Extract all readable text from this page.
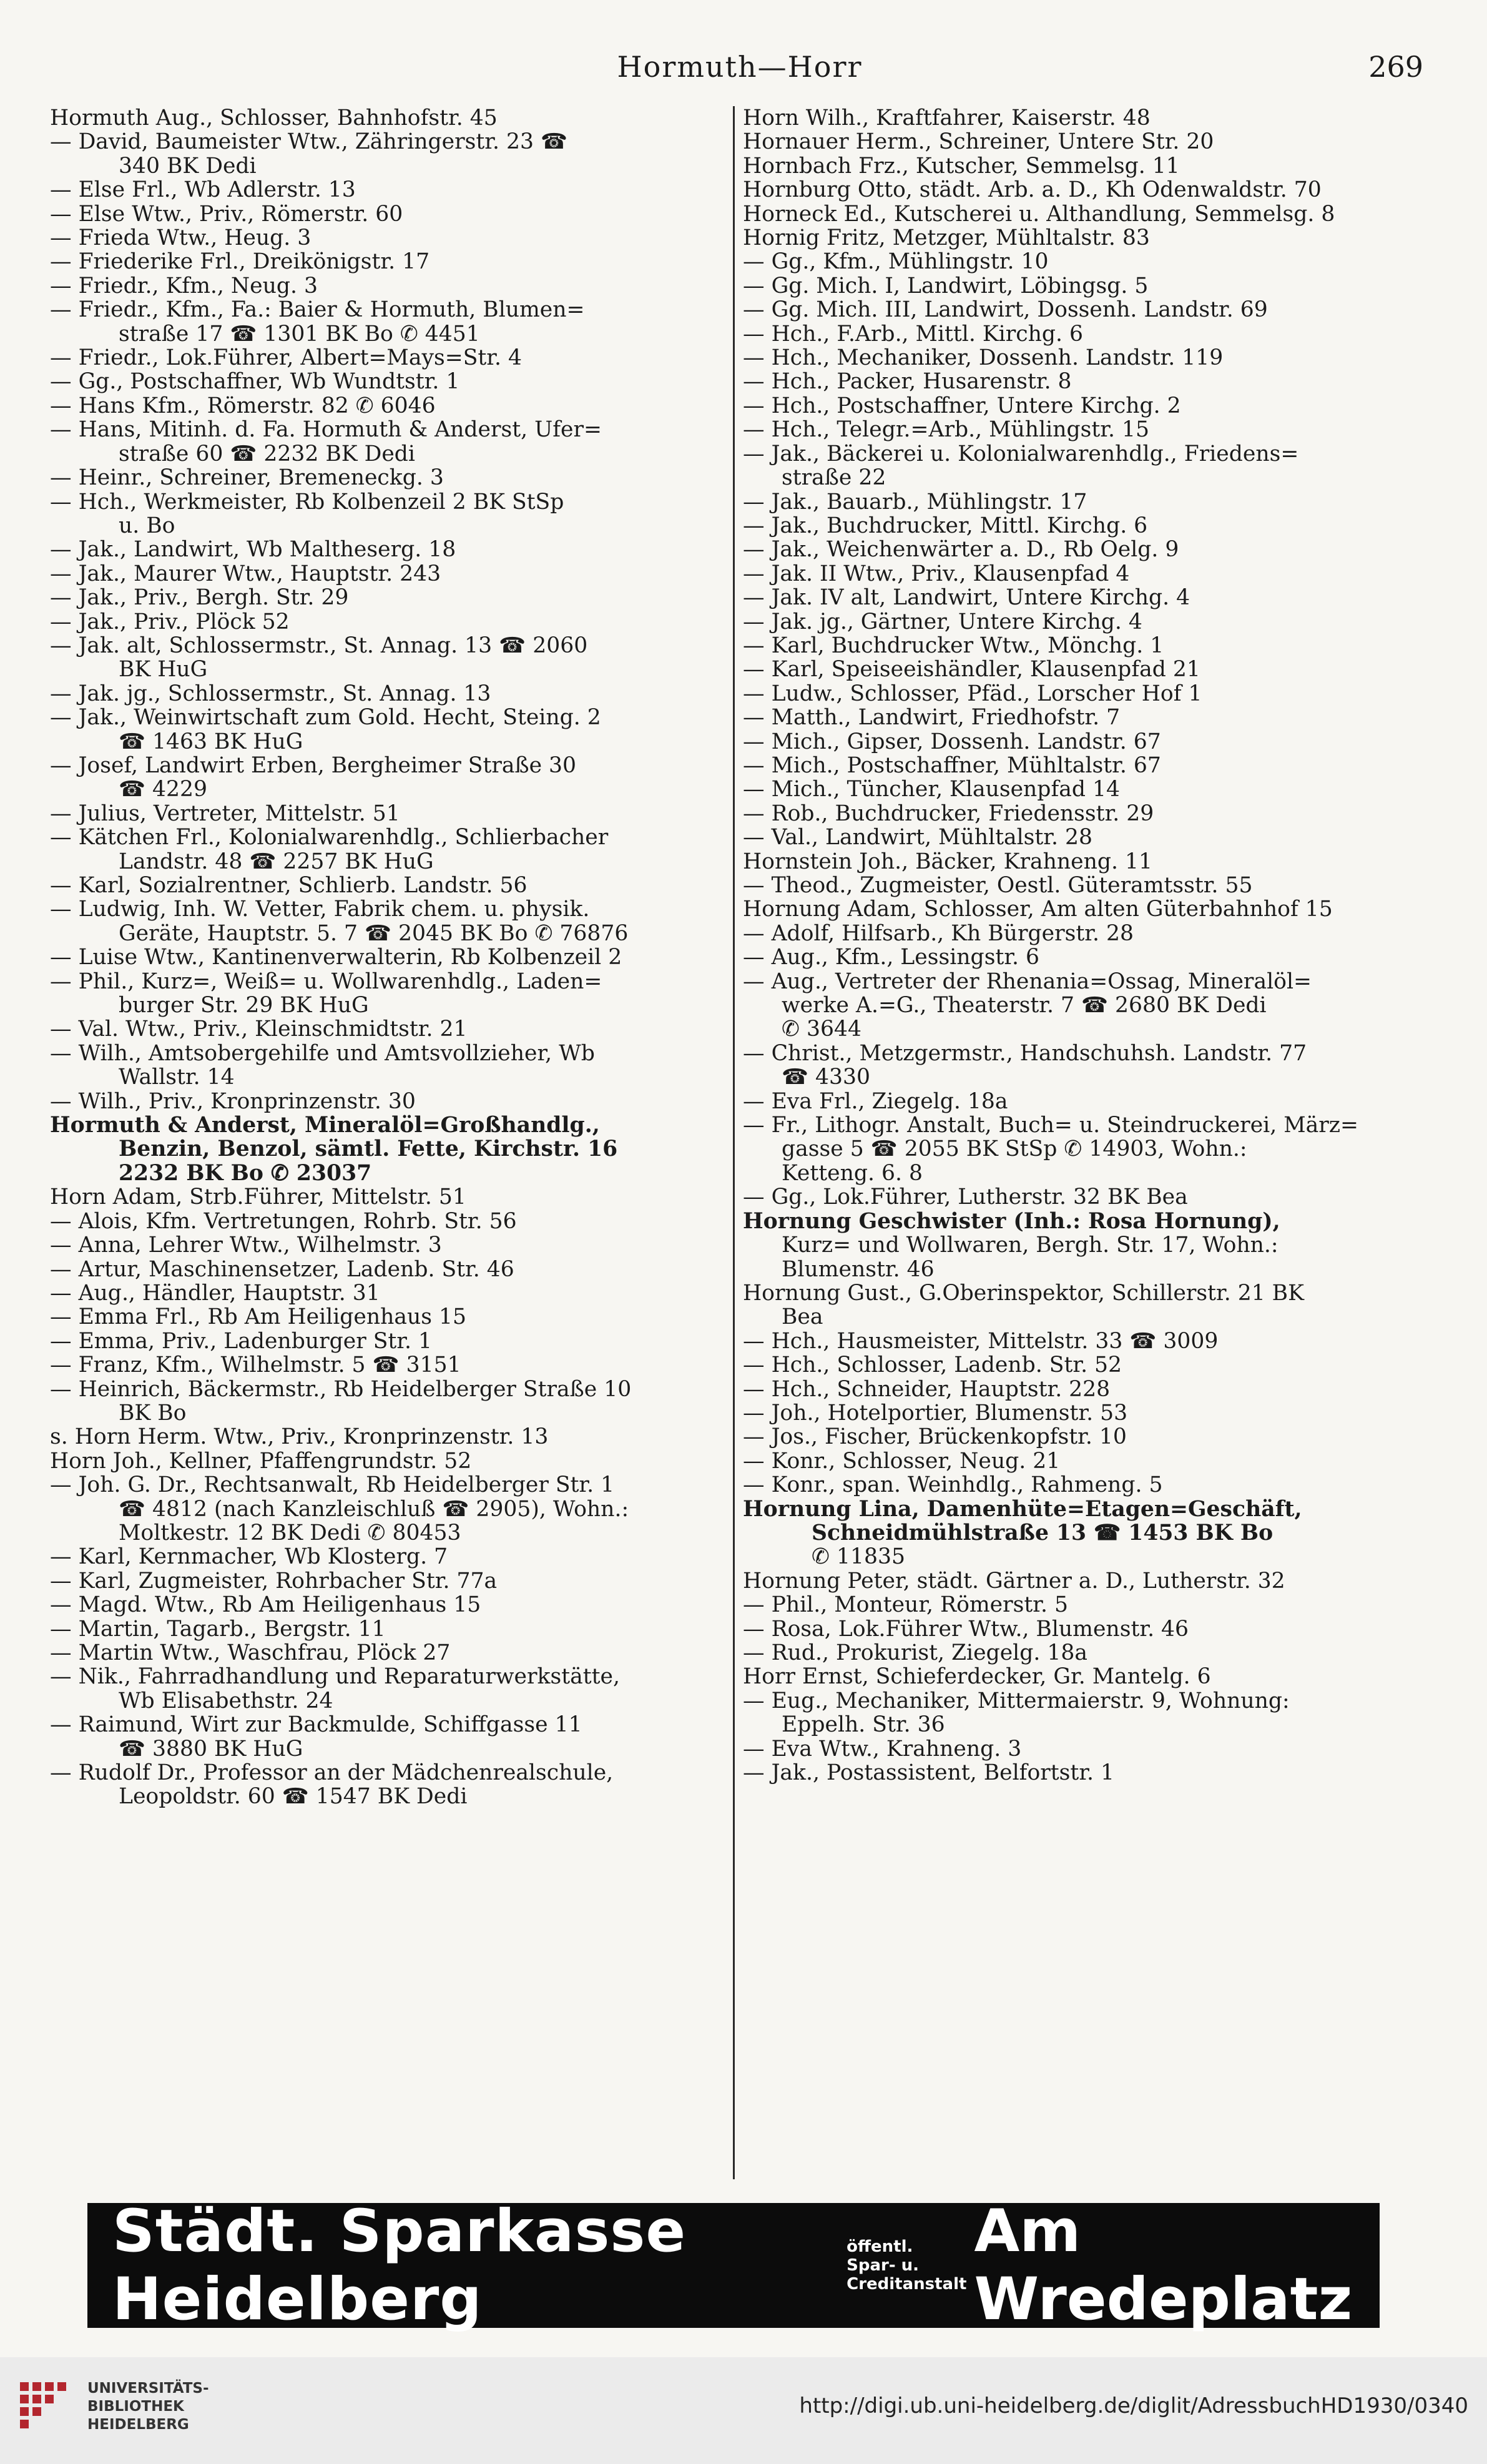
Hormuth—Horr	269
Hormuth Aug., Schlosser, Bahnhofstr. 45
— David, Baumeister Wtw., Zähringerstr. 23 ☎
340 BK Dedi
— Else Frl., Wb Adlerstr. 13
— Else Wtw., Priv., Römerstr. 60
— Frieda Wtw., Heug. 3
— Friederike Frl., Dreikönigstr. 17
— Friedr., Kfm., Neug. 3
— Friedr., Kfm., Fa.: Baier & Hormuth, Blumen=
straße 17 ☎ 1301 BK Bo ✆ 4451
— Friedr., Lok.Führer, Albert=Mays=Str. 4
— Gg., Postschaffner, Wb Wundtstr. 1
— Hans Kfm., Römerstr. 82 ✆ 6046
— Hans, Mitinh. d. Fa. Hormuth & Anderst, Ufer=
straße 60 ☎ 2232 BK Dedi
— Heinr., Schreiner, Bremeneckg. 3
— Hch., Werkmeister, Rb Kolbenzeil 2 BK StSp
u. Bo
— Jak., Landwirt, Wb Maltheserg. 18
— Jak., Maurer Wtw., Hauptstr. 243
— Jak., Priv., Bergh. Str. 29
— Jak., Priv., Plöck 52
— Jak. alt, Schlossermstr., St. Annag. 13 ☎ 2060
BK HuG
— Jak. jg., Schlossermstr., St. Annag. 13
— Jak., Weinwirtschaft zum Gold. Hecht, Steing. 2
☎ 1463 BK HuG
— Josef, Landwirt Erben, Bergheimer Straße 30
☎ 4229
— Julius, Vertreter, Mittelstr. 51
— Kätchen Frl., Kolonialwarenhdlg., Schlierbacher
Landstr. 48 ☎ 2257 BK HuG
— Karl, Sozialrentner, Schlierb. Landstr. 56
— Ludwig, Inh. W. Vetter, Fabrik chem. u. physik.
Geräte, Hauptstr. 5. 7 ☎ 2045 BK Bo ✆ 76876
— Luise Wtw., Kantinenverwalterin, Rb Kolbenzeil 2
— Phil., Kurz=, Weiß= u. Wollwarenhdlg., Laden=
burger Str. 29 BK HuG
— Val. Wtw., Priv., Kleinschmidtstr. 21
— Wilh., Amtsobergehilfe und Amtsvollzieher, Wb
Wallstr. 14
— Wilh., Priv., Kronprinzenstr. 30
Hormuth & Anderst, Mineralöl=Großhandlg.,
Benzin, Benzol, sämtl. Fette, Kirchstr. 16
2232 BK Bo ✆ 23037
Horn Adam, Strb.Führer, Mittelstr. 51
— Alois, Kfm. Vertretungen, Rohrb. Str. 56
— Anna, Lehrer Wtw., Wilhelmstr. 3
— Artur, Maschinensetzer, Ladenb. Str. 46
— Aug., Händler, Hauptstr. 31
— Emma Frl., Rb Am Heiligenhaus 15
— Emma, Priv., Ladenburger Str. 1
— Franz, Kfm., Wilhelmstr. 5 ☎ 3151
— Heinrich, Bäckermstr., Rb Heidelberger Straße 10
BK Bo
s. Horn Herm. Wtw., Priv., Kronprinzenstr. 13
Horn Joh., Kellner, Pfaffengrundstr. 52
— Joh. G. Dr., Rechtsanwalt, Rb Heidelberger Str. 1
☎ 4812 (nach Kanzleischluß ☎ 2905), Wohn.:
Moltkestr. 12 BK Dedi ✆ 80453
— Karl, Kernmacher, Wb Klosterg. 7
— Karl, Zugmeister, Rohrbacher Str. 77a
— Magd. Wtw., Rb Am Heiligenhaus 15
— Martin, Tagarb., Bergstr. 11
— Martin Wtw., Waschfrau, Plöck 27
— Nik., Fahrradhandlung und Reparaturwerkstätte,
Wb Elisabethstr. 24
— Raimund, Wirt zur Backmulde, Schiffgasse 11
☎ 3880 BK HuG
— Rudolf Dr., Professor an der Mädchenrealschule,
Leopoldstr. 60 ☎ 1547 BK Dedi
Horn Wilh., Kraftfahrer, Kaiserstr. 48
Hornauer Herm., Schreiner, Untere Str. 20
Hornbach Frz., Kutscher, Semmelsg. 11
Hornburg Otto, städt. Arb. a. D., Kh Odenwaldstr. 70
Horneck Ed., Kutscherei u. Althandlung, Semmelsg. 8
Hornig Fritz, Metzger, Mühltalstr. 83
— Gg., Kfm., Mühlingstr. 10
— Gg. Mich. I, Landwirt, Löbingsg. 5
— Gg. Mich. III, Landwirt, Dossenh. Landstr. 69
— Hch., F.Arb., Mittl. Kirchg. 6
— Hch., Mechaniker, Dossenh. Landstr. 119
— Hch., Packer, Husarenstr. 8
— Hch., Postschaffner, Untere Kirchg. 2
— Hch., Telegr.=Arb., Mühlingstr. 15
— Jak., Bäckerei u. Kolonialwarenhdlg., Friedens=
straße 22
— Jak., Bauarb., Mühlingstr. 17
— Jak., Buchdrucker, Mittl. Kirchg. 6
— Jak., Weichenwärter a. D., Rb Oelg. 9
— Jak. II Wtw., Priv., Klausenpfad 4
— Jak. IV alt, Landwirt, Untere Kirchg. 4
— Jak. jg., Gärtner, Untere Kirchg. 4
— Karl, Buchdrucker Wtw., Mönchg. 1
— Karl, Speiseeishändler, Klausenpfad 21
— Ludw., Schlosser, Pfäd., Lorscher Hof 1
— Matth., Landwirt, Friedhofstr. 7
— Mich., Gipser, Dossenh. Landstr. 67
— Mich., Postschaffner, Mühltalstr. 67
— Mich., Tüncher, Klausenpfad 14
— Rob., Buchdrucker, Friedensstr. 29
— Val., Landwirt, Mühltalstr. 28
Hornstein Joh., Bäcker, Krahneng. 11
— Theod., Zugmeister, Oestl. Güteramtsstr. 55
Hornung Adam, Schlosser, Am alten Güterbahnhof 15
— Adolf, Hilfsarb., Kh Bürgerstr. 28
— Aug., Kfm., Lessingstr. 6
— Aug., Vertreter der Rhenania=Ossag, Mineralöl=
werke A.=G., Theaterstr. 7 ☎ 2680 BK Dedi
✆ 3644
— Christ., Metzgermstr., Handschuhsh. Landstr. 77
☎ 4330
— Eva Frl., Ziegelg. 18a
— Fr., Lithogr. Anstalt, Buch= u. Steindruckerei, März=
gasse 5 ☎ 2055 BK StSp ✆ 14903, Wohn.:
Ketteng. 6. 8
— Gg., Lok.Führer, Lutherstr. 32 BK Bea
Hornung Geschwister (Inh.: Rosa Hornung),
Kurz= und Wollwaren, Bergh. Str. 17, Wohn.:
Blumenstr. 46
Hornung Gust., G.Oberinspektor, Schillerstr. 21 BK
Bea
— Hch., Hausmeister, Mittelstr. 33 ☎ 3009
— Hch., Schlosser, Ladenb. Str. 52
— Hch., Schneider, Hauptstr. 228
— Joh., Hotelportier, Blumenstr. 53
— Jos., Fischer, Brückenkopfstr. 10
— Konr., Schlosser, Neug. 21
— Konr., span. Weinhdlg., Rahmeng. 5
Hornung Lina, Damenhüte=Etagen=Geschäft,
Schneidmühlstraße 13 ☎ 1453 BK Bo
✆ 11835
Hornung Peter, städt. Gärtner a. D., Lutherstr. 32
— Phil., Monteur, Römerstr. 5
— Rosa, Lok.Führer Wtw., Blumenstr. 46
— Rud., Prokurist, Ziegelg. 18a
Horr Ernst, Schieferdecker, Gr. Mantelg. 6
— Eug., Mechaniker, Mittermaierstr. 9, Wohnung:
Eppelh. Str. 36
— Eva Wtw., Krahneng. 3
— Jak., Postassistent, Belfortstr. 1
Städt. Sparkasse Heidelberg
öffentl. Spar- u.
Creditanstalt
Am Wredeplatz
UNIVERSITÄTS-
BIBLIOTHEK
HEIDELBERG
http://digi.ub.uni-heidelberg.de/diglit/AdressbuchHD1930/0340
